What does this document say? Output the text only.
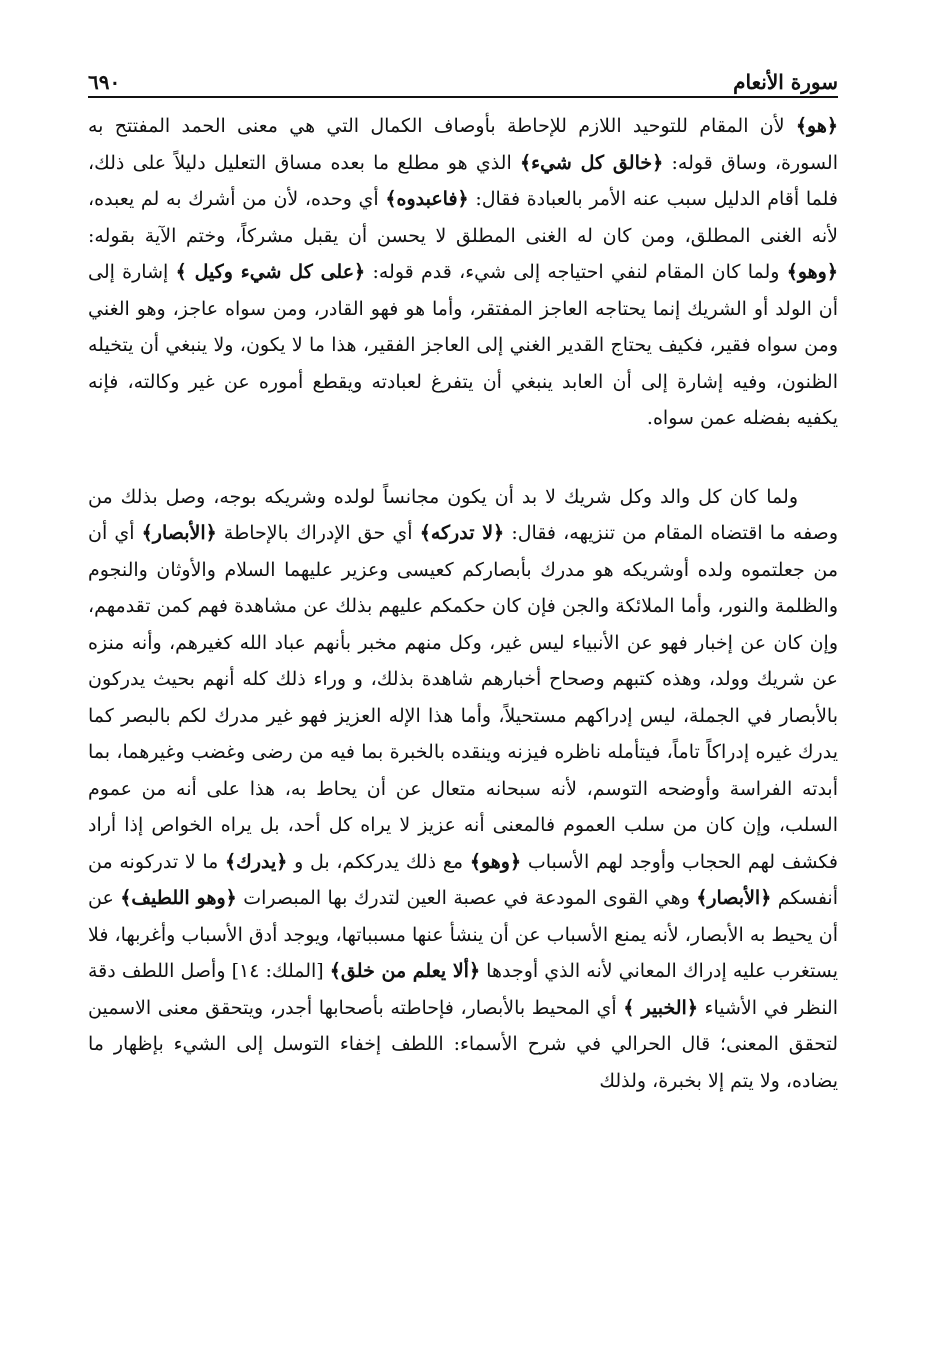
سورة الأنعام
٦٩٠

﴿هو﴾ لأن المقام للتوحيد اللازم للإحاطة بأوصاف الكمال التي هي معنى الحمد المفتتح به السورة، وساق قوله: ﴿خالق كل شيء﴾ الذي هو مطلع ما بعده مساق التعليل دليلاً على ذلك، فلما أقام الدليل سبب عنه الأمر بالعبادة فقال: ﴿فاعبدوه﴾ أي وحده، لأن من أشرك به لم يعبده، لأنه الغنى المطلق، ومن كان له الغنى المطلق لا يحسن أن يقبل مشركاً، وختم الآية بقوله: ﴿وهو﴾ ولما كان المقام لنفي احتياجه إلى شيء، قدم قوله: ﴿على كل شيء وكيل ﴾ إشارة إلى أن الولد أو الشريك إنما يحتاجه العاجز المفتقر، وأما هو فهو القادر، ومن سواه عاجز، وهو الغني ومن سواه فقير، فكيف يحتاج القدير الغني إلى العاجز الفقير، هذا ما لا يكون، ولا ينبغي أن يتخيله الظنون، وفيه إشارة إلى أن العابد ينبغي أن يتفرغ لعبادته ويقطع أموره عن غير وكالته، فإنه يكفيه بفضله عمن سواه.

ولما كان كل والد وكل شريك لا بد أن يكون مجانساً لولده وشريكه بوجه، وصل بذلك من وصفه ما اقتضاه المقام من تنزيهه، فقال: ﴿لا تدركه﴾ أي حق الإدراك بالإحاطة ﴿الأبصار﴾ أي أن من جعلتموه ولده أوشريكه هو مدرك بأبصاركم كعيسى وعزير عليهما السلام والأوثان والنجوم والظلمة والنور، وأما الملائكة والجن فإن كان حكمكم عليهم بذلك عن مشاهدة فهم كمن تقدمهم، وإن كان عن إخبار فهو عن الأنبياء ليس غير، وكل منهم مخبر بأنهم عباد الله كغيرهم، وأنه منزه عن شريك وولد، وهذه كتبهم وصحاح أخبارهم شاهدة بذلك، و وراء ذلك كله أنهم بحيث يدركون بالأبصار في الجملة، ليس إدراكهم مستحيلاً، وأما هذا الإله العزيز فهو غير مدرك لكم بالبصر كما يدرك غيره إدراكاً تاماً، فيتأمله ناظره فيزنه وينقده بالخبرة بما فيه من رضى وغضب وغيرهما، بما أبدته الفراسة وأوضحه التوسم، لأنه سبحانه متعال عن أن يحاط به، هذا على أنه من عموم السلب، وإن كان من سلب العموم فالمعنى أنه عزيز لا يراه كل أحد، بل يراه الخواص إذا أراد فكشف لهم الحجاب وأوجد لهم الأسباب ﴿وهو﴾ مع ذلك يدرككم، بل و ﴿يدرك﴾ ما لا تدركونه من أنفسكم ﴿الأبصار﴾ وهي القوى المودعة في عصبة العين لتدرك بها المبصرات ﴿وهو اللطيف﴾ عن أن يحيط به الأبصار، لأنه يمنع الأسباب عن أن ينشأ عنها مسبباتها، ويوجد أدق الأسباب وأغربها، فلا يستغرب عليه إدراك المعاني لأنه الذي أوجدها ﴿ألا يعلم من خلق﴾ [الملك: ١٤] وأصل اللطف دقة النظر في الأشياء ﴿الخبير ﴾ أي المحيط بالأبصار، فإحاطته بأصحابها أجدر، ويتحقق معنى الاسمين لتحقق المعنى؛ قال الحرالي في شرح الأسماء: اللطف إخفاء التوسل إلى الشيء بإظهار ما يضاده، ولا يتم إلا بخبرة، ولذلك
